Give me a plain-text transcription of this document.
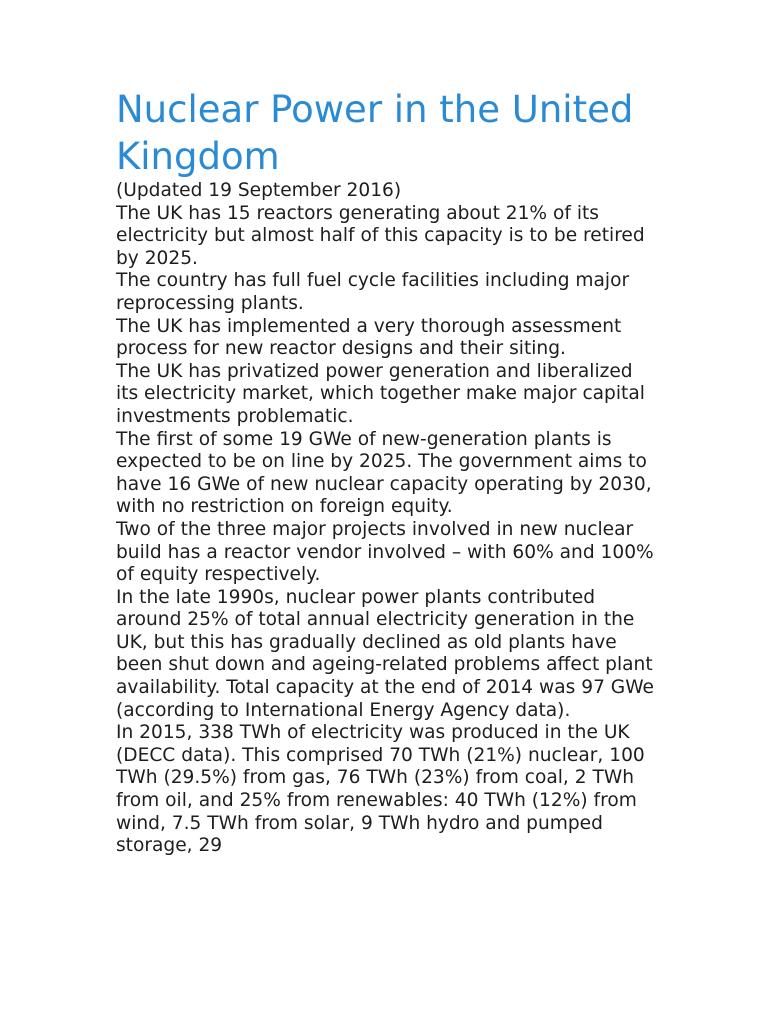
Nuclear Power in the United Kingdom

(Updated 19 September 2016)

The UK has 15 reactors generating about 21% of its electricity but almost half of this capacity is to be retired by 2025.

The country has full fuel cycle facilities including major reprocessing plants.

The UK has implemented a very thorough assessment process for new reactor designs and their siting.

The UK has privatized power generation and liberalized its electricity market, which together make major capital investments problematic.

The first of some 19 GWe of new-generation plants is expected to be on line by 2025. The government aims to have 16 GWe of new nuclear capacity operating by 2030, with no restriction on foreign equity.

Two of the three major projects involved in new nuclear build has a reactor vendor involved – with 60% and 100% of equity respectively.

In the late 1990s, nuclear power plants contributed around 25% of total annual electricity generation in the UK, but this has gradually declined as old plants have been shut down and ageing-related problems affect plant availability. Total capacity at the end of 2014 was 97 GWe (according to International Energy Agency data).

In 2015, 338 TWh of electricity was produced in the UK (DECC data). This comprised 70 TWh (21%) nuclear, 100 TWh (29.5%) from gas, 76 TWh (23%) from coal, 2 TWh from oil, and 25% from renewables: 40 TWh (12%) from wind, 7.5 TWh from solar, 9 TWh hydro and pumped storage, 29
